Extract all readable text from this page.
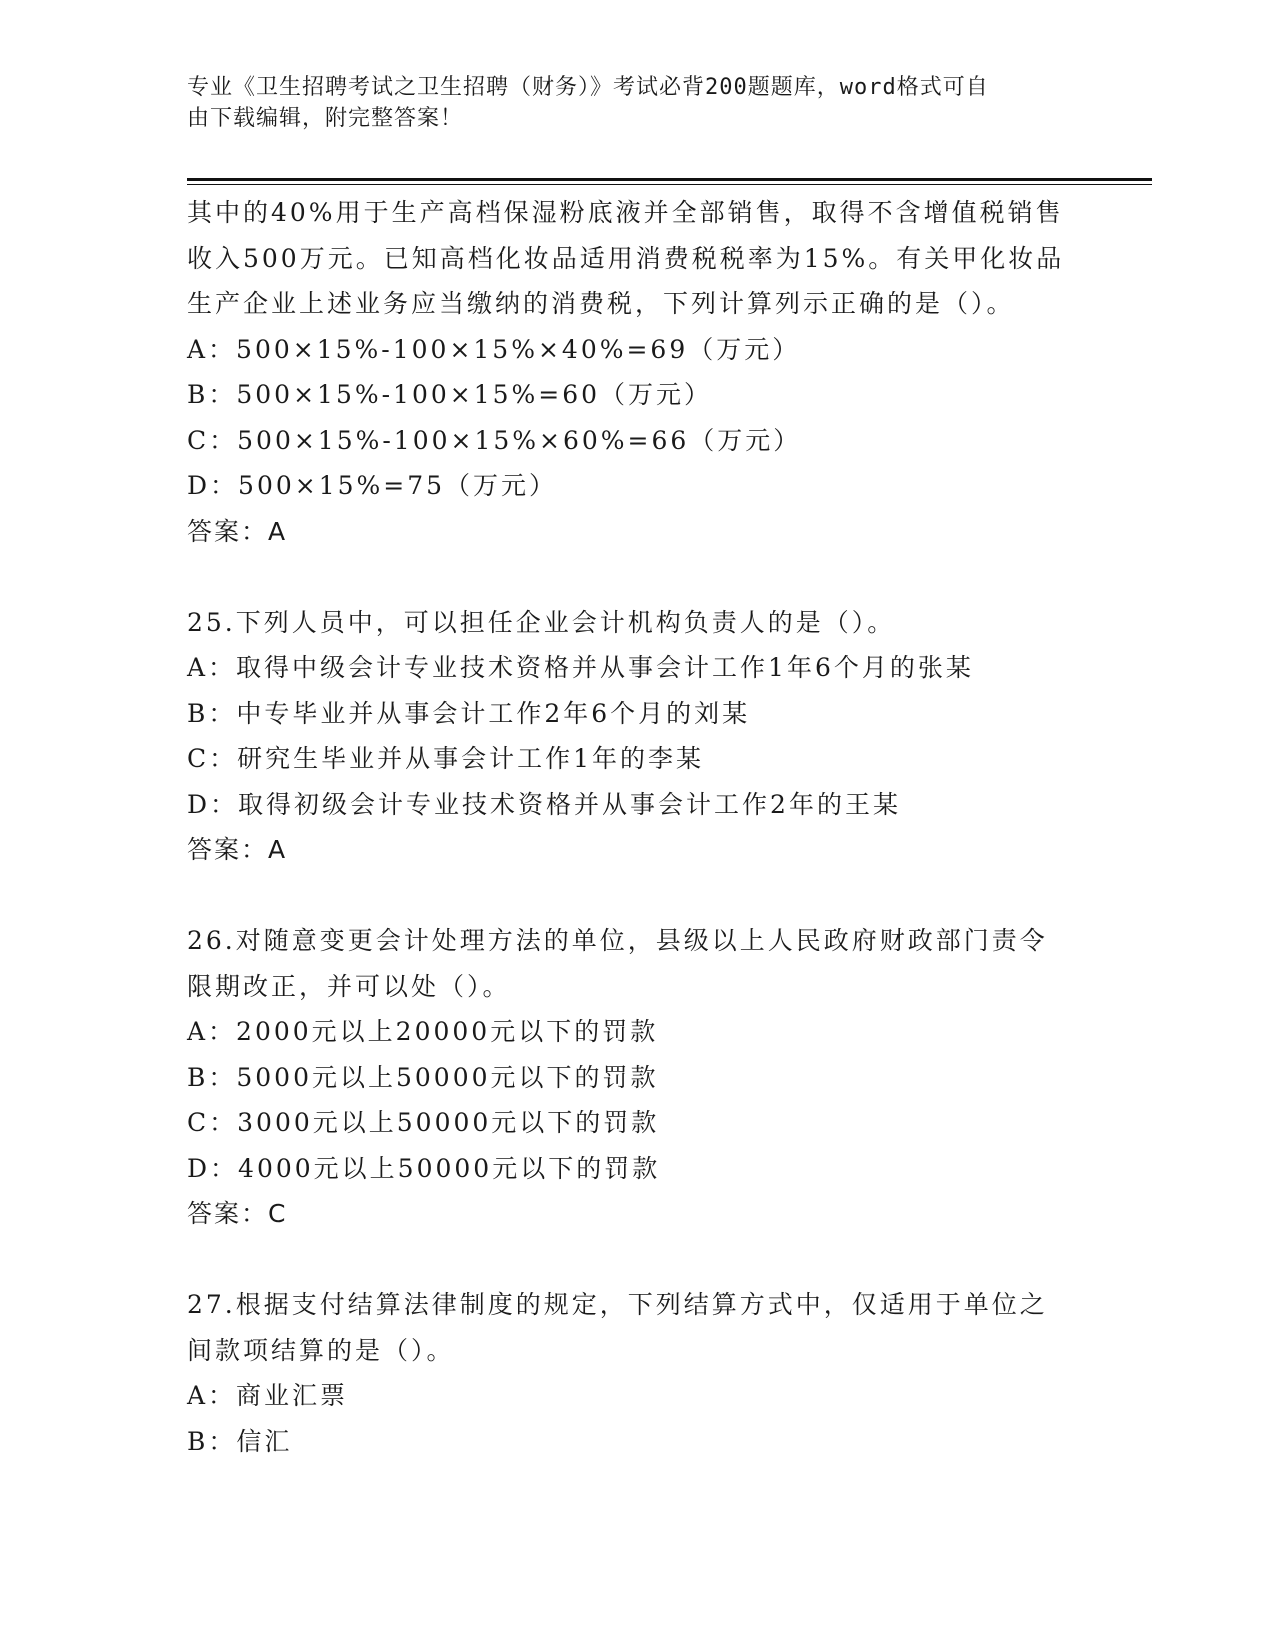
专业《卫生招聘考试之卫生招聘（财务）》考试必背200题题库，word格式可自
由下载编辑，附完整答案！
其中的40%用于生产高档保湿粉底液并全部销售，取得不含增值税销售
收入500万元。已知高档化妆品适用消费税税率为15%。有关甲化妆品
生产企业上述业务应当缴纳的消费税，下列计算列示正确的是（）。
A：500×15%-100×15%×40%=69（万元）
B：500×15%-100×15%=60（万元）
C：500×15%-100×15%×60%=66（万元）
D：500×15%=75（万元）
答案：A
25.下列人员中，可以担任企业会计机构负责人的是（）。
A：取得中级会计专业技术资格并从事会计工作1年6个月的张某
B：中专毕业并从事会计工作2年6个月的刘某
C：研究生毕业并从事会计工作1年的李某
D：取得初级会计专业技术资格并从事会计工作2年的王某
答案：A
26.对随意变更会计处理方法的单位，县级以上人民政府财政部门责令
限期改正，并可以处（）。
A：2000元以上20000元以下的罚款
B：5000元以上50000元以下的罚款
C：3000元以上50000元以下的罚款
D：4000元以上50000元以下的罚款
答案：C
27.根据支付结算法律制度的规定，下列结算方式中，仅适用于单位之
间款项结算的是（）。
A：商业汇票
B：信汇
